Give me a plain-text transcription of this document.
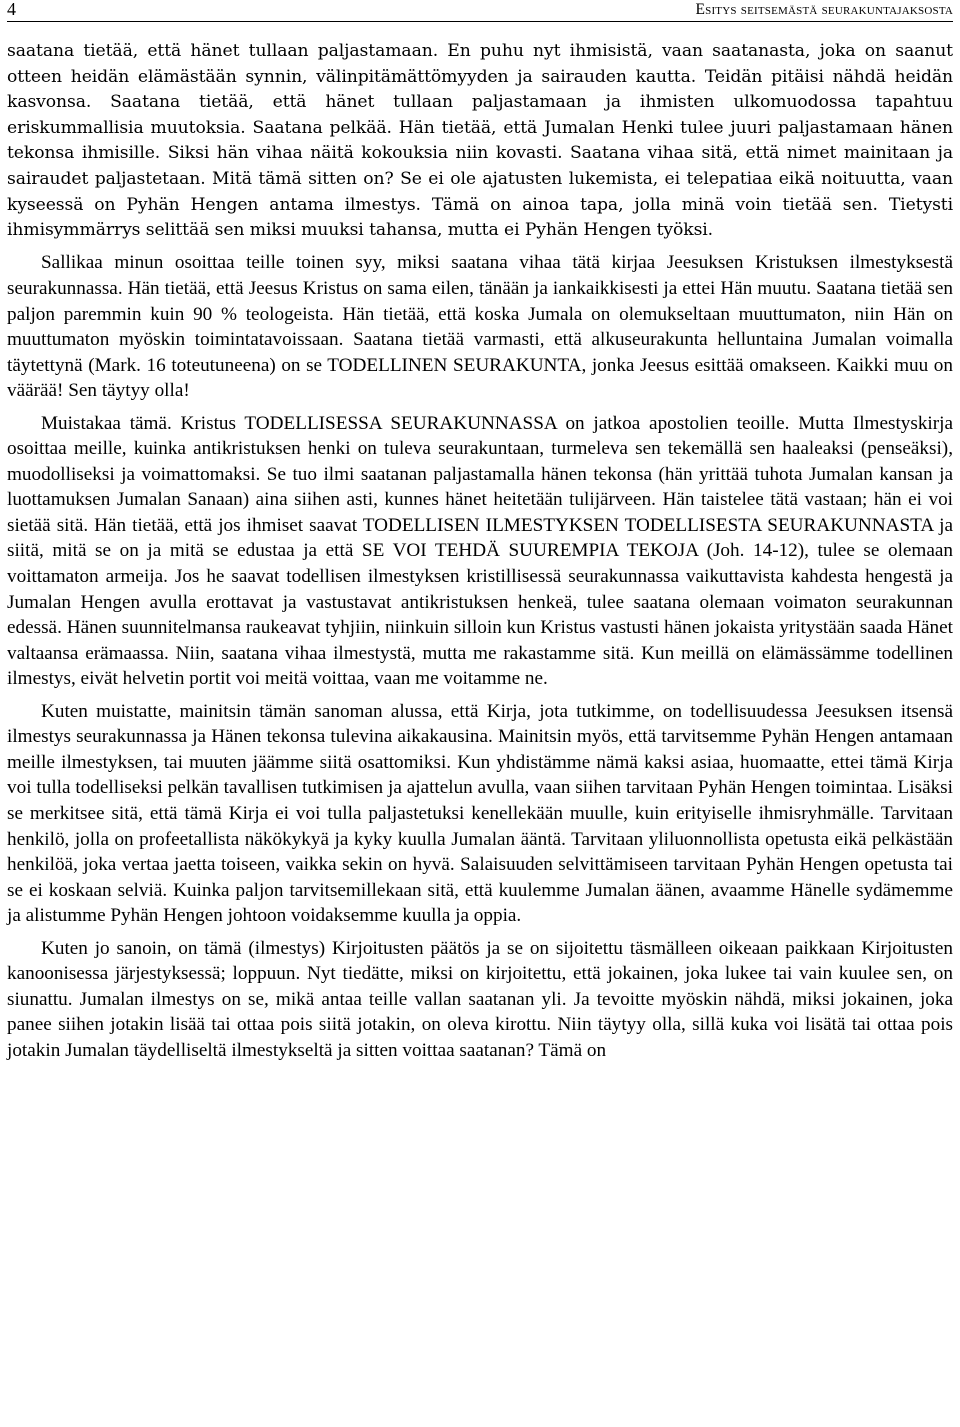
4	Esitys seitsemästä seurakuntajaksosta

saatana tietää, että hänet tullaan paljastamaan. En puhu nyt ihmisistä, vaan saatanasta, joka on saanut otteen heidän elämästään synnin, välinpitämättömyyden ja sairauden kautta. Teidän pitäisi nähdä heidän kasvonsa. Saatana tietää, että hänet tullaan paljastamaan ja ihmisten ulkomuodossa tapahtuu eriskummallisia muutoksia. Saatana pelkää. Hän tietää, että Jumalan Henki tulee juuri paljastamaan hänen tekonsa ihmisille. Siksi hän vihaa näitä kokouksia niin kovasti. Saatana vihaa sitä, että nimet mainitaan ja sairaudet paljastetaan. Mitä tämä sitten on? Se ei ole ajatusten lukemista, ei telepatiaa eikä noituutta, vaan kyseessä on Pyhän Hengen antama ilmestys. Tämä on ainoa tapa, jolla minä voin tietää sen. Tietysti ihmisymmärrys selittää sen miksi muuksi tahansa, mutta ei Pyhän Hengen työksi.

Sallikaa minun osoittaa teille toinen syy, miksi saatana vihaa tätä kirjaa Jeesuksen Kristuksen ilmestyksestä seurakunnassa. Hän tietää, että Jeesus Kristus on sama eilen, tänään ja iankaikkisesti ja ettei Hän muutu. Saatana tietää sen paljon paremmin kuin 90 % teologeista. Hän tietää, että koska Jumala on olemukseltaan muuttumaton, niin Hän on muuttumaton myöskin toimintatavoissaan. Saatana tietää varmasti, että alkuseurakunta helluntaina Jumalan voimalla täytettynä (Mark. 16 toteutuneena) on se TODELLINEN SEURAKUNTA, jonka Jeesus esittää omakseen. Kaikki muu on väärää! Sen täytyy olla!

Muistakaa tämä. Kristus TODELLISESSA SEURAKUNNASSA on jatkoa apostolien teoille. Mutta Ilmestyskirja osoittaa meille, kuinka antikristuksen henki on tuleva seurakuntaan, turmeleva sen tekemällä sen haaleaksi (penseäksi), muodolliseksi ja voimattomaksi. Se tuo ilmi saatanan paljastamalla hänen tekonsa (hän yrittää tuhota Jumalan kansan ja luottamuksen Jumalan Sanaan) aina siihen asti, kunnes hänet heitetään tulijärveen. Hän taistelee tätä vastaan; hän ei voi sietää sitä. Hän tietää, että jos ihmiset saavat TODELLISEN ILMESTYKSEN TODELLISESTA SEURAKUNNASTA ja siitä, mitä se on ja mitä se edustaa ja että SE VOI TEHDÄ SUUREMPIA TEKOJA (Joh. 14-12), tulee se olemaan voittamaton armeija. Jos he saavat todellisen ilmestyksen kristillisessä seurakunnassa vaikuttavista kahdesta hengestä ja Jumalan Hengen avulla erottavat ja vastustavat antikristuksen henkeä, tulee saatana olemaan voimaton seurakunnan edessä. Hänen suunnitelmansa raukeavat tyhjiin, niinkuin silloin kun Kristus vastusti hänen jokaista yritystään saada Hänet valtaansa erämaassa. Niin, saatana vihaa ilmestystä, mutta me rakastamme sitä. Kun meillä on elämässämme todellinen ilmestys, eivät helvetin portit voi meitä voittaa, vaan me voitamme ne.

Kuten muistatte, mainitsin tämän sanoman alussa, että Kirja, jota tutkimme, on todellisuudessa Jeesuksen itsensä ilmestys seurakunnassa ja Hänen tekonsa tulevina aikakausina. Mainitsin myös, että tarvitsemme Pyhän Hengen antamaan meille ilmestyksen, tai muuten jäämme siitä osattomiksi. Kun yhdistämme nämä kaksi asiaa, huomaatte, ettei tämä Kirja voi tulla todelliseksi pelkän tavallisen tutkimisen ja ajattelun avulla, vaan siihen tarvitaan Pyhän Hengen toimintaa. Lisäksi se merkitsee sitä, että tämä Kirja ei voi tulla paljastetuksi kenellekään muulle, kuin erityiselle ihmisryhmälle. Tarvitaan henkilö, jolla on profeetallista näkökykyä ja kyky kuulla Jumalan ääntä. Tarvitaan yliluonnollista opetusta eikä pelkästään henkilöä, joka vertaa jaetta toiseen, vaikka sekin on hyvä. Salaisuuden selvittämiseen tarvitaan Pyhän Hengen opetusta tai se ei koskaan selviä. Kuinka paljon tarvitsemillekaan sitä, että kuulemme Jumalan äänen, avaamme Hänelle sydämemme ja alistumme Pyhän Hengen johtoon voidaksemme kuulla ja oppia.

Kuten jo sanoin, on tämä (ilmestys) Kirjoitusten päätös ja se on sijoitettu täsmälleen oikeaan paikkaan Kirjoitusten kanoonisessa järjestyksessä; loppuun. Nyt tiedätte, miksi on kirjoitettu, että jokainen, joka lukee tai vain kuulee sen, on siunattu. Jumalan ilmestys on se, mikä antaa teille vallan saatanan yli. Ja tevoitte myöskin nähdä, miksi jokainen, joka panee siihen jotakin lisää tai ottaa pois siitä jotakin, on oleva kirottu. Niin täytyy olla, sillä kuka voi lisätä tai ottaa pois jotakin Jumalan täydelliseltä ilmestykseltä ja sitten voittaa saatanan? Tämä on
